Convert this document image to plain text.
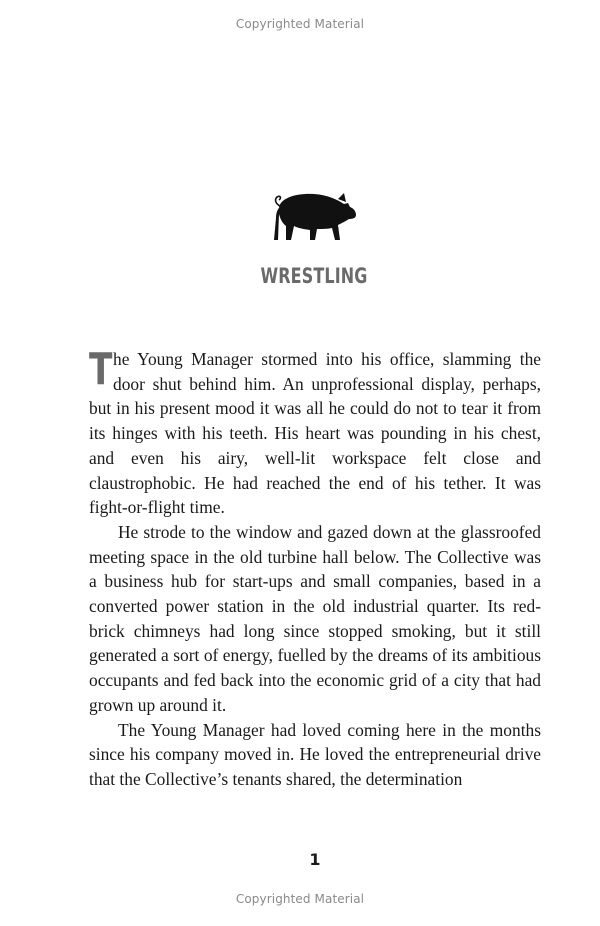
Copyrighted Material
WRESTLING

The Young Manager stormed into his office, slamming the door shut behind him. An unprofessional display, perhaps, but in his present mood it was all he could do not to tear it from its hinges with his teeth. His heart was pounding in his chest, and even his airy, well-lit workspace felt close and claustrophobic. He had reached the end of his tether. It was fight-or-flight time.

He strode to the window and gazed down at the glassroofed meeting space in the old turbine hall below. The Collective was a business hub for start-ups and small companies, based in a converted power station in the old industrial quarter. Its red-brick chimneys had long since stopped smoking, but it still generated a sort of energy, fuelled by the dreams of its ambitious occupants and fed back into the economic grid of a city that had grown up around it.

The Young Manager had loved coming here in the months since his company moved in. He loved the entrepreneurial drive that the Collective’s tenants shared, the determination

1
Copyrighted Material
